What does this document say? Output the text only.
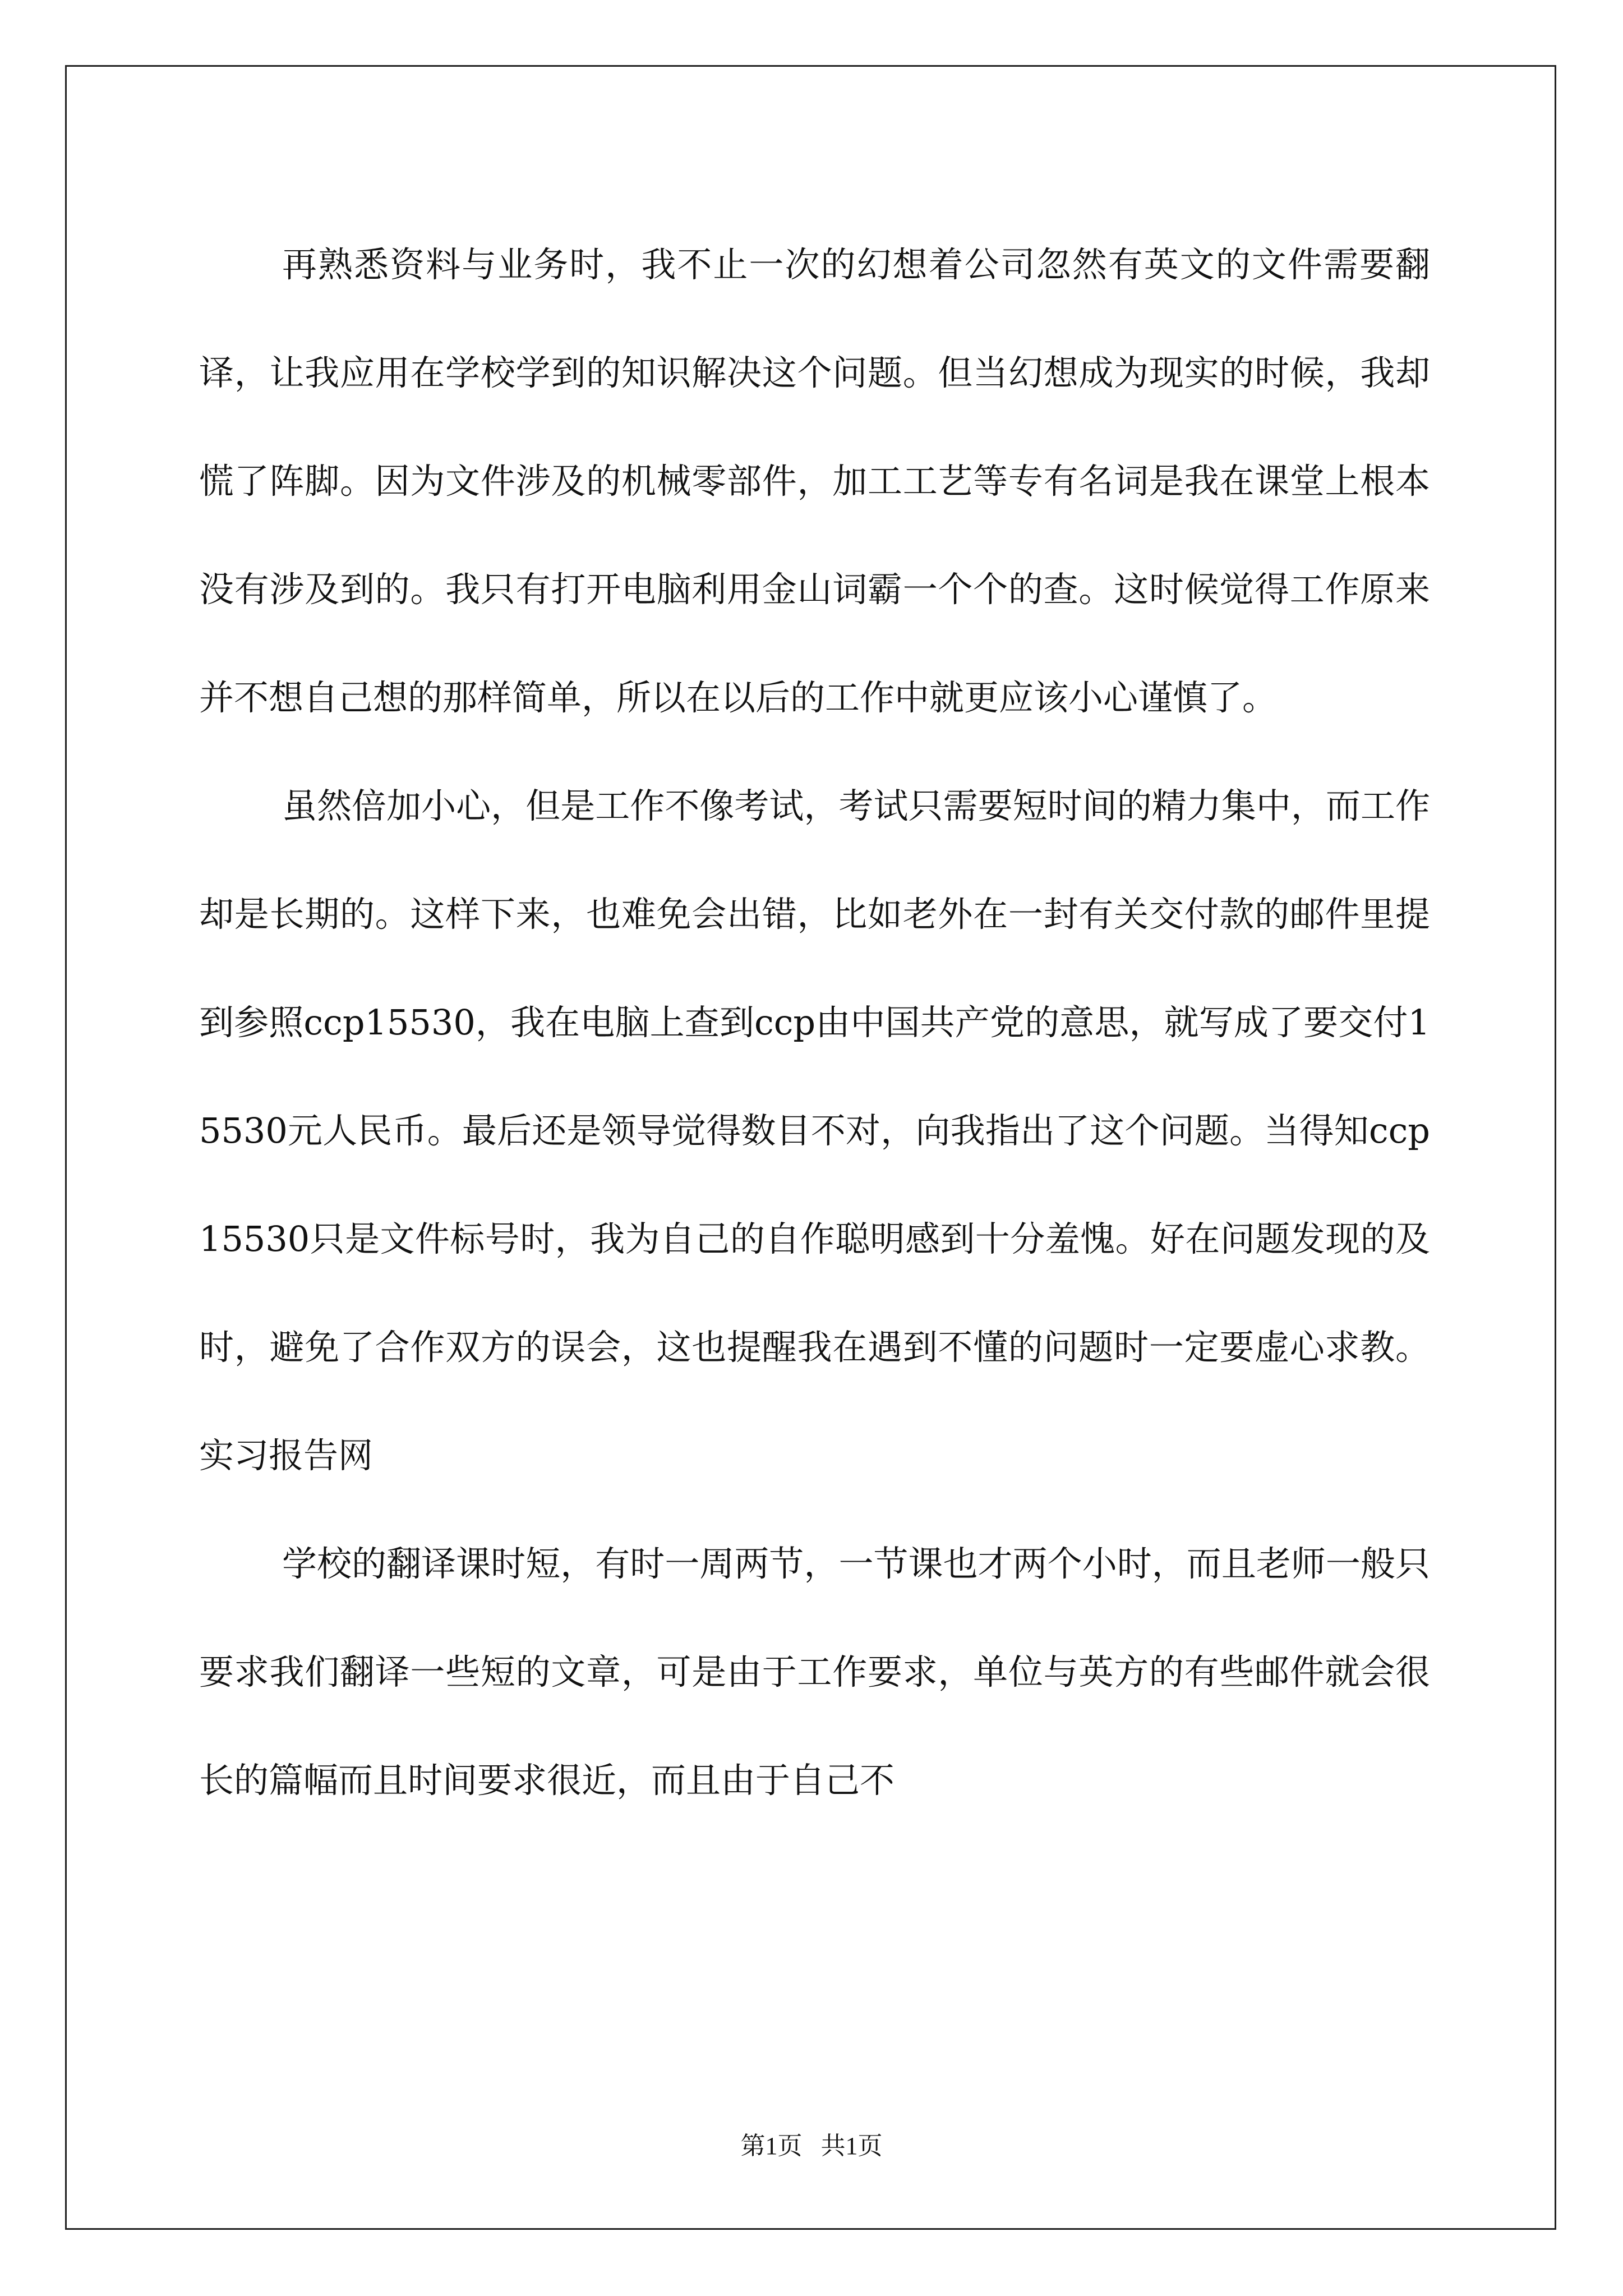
再熟悉资料与业务时，我不止一次的幻想着公司忽然有英文的文件需要翻译，让我应用在学校学到的知识解决这个问题。但当幻想成为现实的时候，我却慌了阵脚。因为文件涉及的机械零部件，加工工艺等专有名词是我在课堂上根本没有涉及到的。我只有打开电脑利用金山词霸一个个的查。这时候觉得工作原来并不想自己想的那样简单，所以在以后的工作中就更应该小心谨慎了。

虽然倍加小心，但是工作不像考试，考试只需要短时间的精力集中，而工作却是长期的。这样下来，也难免会出错，比如老外在一封有关交付款的邮件里提到参照ccp15530，我在电脑上查到ccp由中国共产党的意思，就写成了要交付15530元人民币。最后还是领导觉得数目不对，向我指出了这个问题。当得知ccp15530只是文件标号时，我为自己的自作聪明感到十分羞愧。好在问题发现的及时，避免了合作双方的误会，这也提醒我在遇到不懂的问题时一定要虚心求教。实习报告网

学校的翻译课时短，有时一周两节，一节课也才两个小时，而且老师一般只要求我们翻译一些短的文章，可是由于工作要求，单位与英方的有些邮件就会很长的篇幅而且时间要求很近，而且由于自己不

第1页   共1页
